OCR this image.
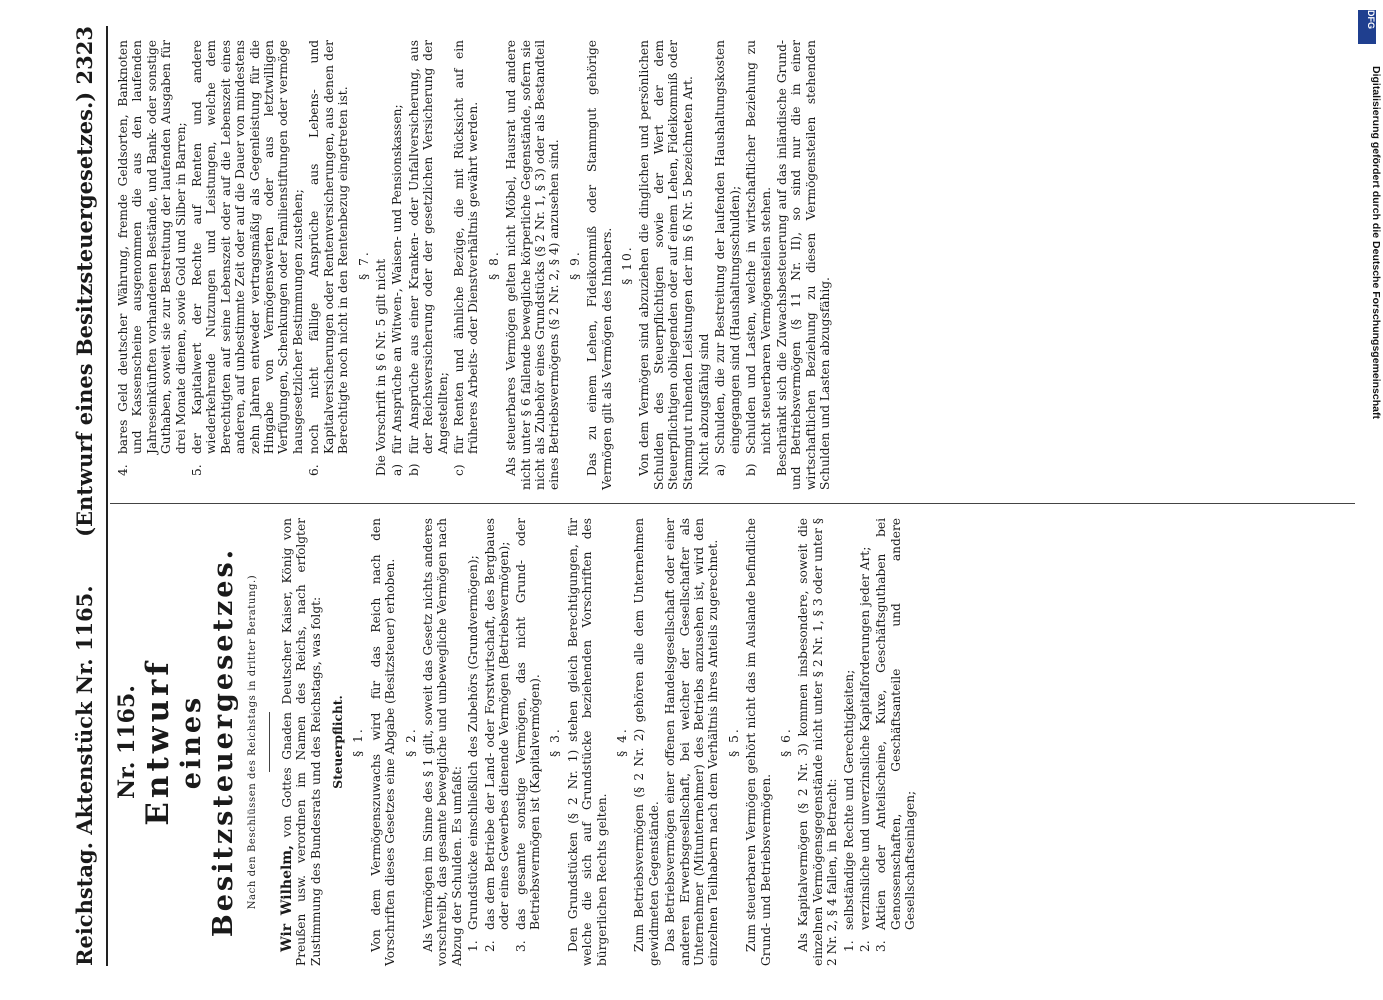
Reichstag. Aktenstück Nr. 1165.
(Entwurf eines Besitzsteuergesetzes.) 2323
Nr. 1165. Entwurf eines Besitzsteuergesetzes. Nach den Beschlüssen des Reichstags in dritter Beratung.) Wir Wilhelm, von Gottes Gnaden Deutscher Kaiser, König von Preußen usw. verordnen im Namen des Reichs, nach erfolgter Zustimmung des Bundesrats und des Reichstags, was folgt: Steuerpflicht. § 1. Von dem Vermögenszuwachs wird für das Reich nach den Vorschriften dieses Gesetzes eine Abgabe (Besitzsteuer) erhoben. § 2. Als Vermögen im Sinne des § 1 gilt, soweit das Gesetz nichts anderes vorschreibt, das gesamte bewegliche und unbewegliche Vermögen nach Abzug der Schulden. Es umfaßt: 1.
Grundstücke einschließlich des Zubehörs (Grundvermögen);
2.
das dem Betriebe der Land- oder Forstwirtschaft, des Bergbaues oder eines Gewerbes dienende Vermögen (Betriebsvermögen);
3.
das gesamte sonstige Vermögen, das nicht Grund- oder Betriebsvermögen ist (Kapitalvermögen). § 3. Den Grundstücken (§ 2 Nr. 1) stehen gleich Berechtigungen, für welche die sich auf Grundstücke beziehenden Vorschriften des bürgerlichen Rechts gelten.

§ 4. Zum Betriebsvermögen (§ 2 Nr. 2) gehören alle dem Unternehmen gewidmeten Gegenstände. Das Betriebsvermögen einer offenen Handelsgesellschaft oder einer anderen Erwerbsgesellschaft, bei welcher der Gesellschafter als Unternehmer (Mitunternehmer) des Betriebs anzusehen ist, wird den einzelnen Teilhabern nach dem Verhältnis ihres Anteils zugerechnet. § 5. Zum steuerbaren Vermögen gehört nicht das im Auslande befindliche Grund- und Betriebsvermögen.

§ 6. Als Kapitalvermögen (§ 2 Nr. 3) kommen insbesondere, soweit die einzelnen Vermögensgegenstände nicht unter § 2 Nr. 1, § 3 oder unter § 2 Nr. 2, § 4 fallen, in Betracht: 1.
selbständige Rechte und Gerechtigkeiten;
2.
verzinsliche und unverzinsliche Kapitalforderungen jeder Art;
3.
Aktien oder Anteilscheine, Kuxe, Geschäftsguthaben bei Genossenschaften, Geschäftsanteile und andere Gesellschaftseinlagen;
4.
bares Geld deutscher Währung, fremde Geldsorten, Banknoten und Kassenscheine ausgenommen die aus den laufenden Jahreseinkünften vorhandenen Bestände, und Bank- oder sonstige Guthaben, soweit sie zur Bestreitung der laufenden Ausgaben für drei Monate dienen, sowie Gold und Silber in Barren;
5.
der Kapitalwert der Rechte auf Renten und andere wiederkehrende Nutzungen und Leistungen, welche dem Berechtigten auf seine Lebenszeit oder auf die Lebenszeit eines anderen, auf unbestimmte Zeit oder auf die Dauer von mindestens zehn Jahren entweder vertragsmäßig als Gegenleistung für die Hingabe von Vermögenswerten oder aus letztwilligen Verfügungen, Schenkungen oder Familienstiftungen oder vermöge hausgesetzlicher Bestimmungen zustehen;
6.
noch nicht fällige Ansprüche aus Lebens- und Kapitalversicherungen oder Rentenversicherungen, aus denen der Berechtigte noch nicht in den Rentenbezug eingetreten ist. § 7. Die Vorschrift in § 6 Nr. 5 gilt nicht a)
für Ansprüche an Witwen-, Waisen- und Pensionskassen;
b)
für Ansprüche aus einer Kranken- oder Unfallversicherung, aus der Reichsversicherung oder der gesetzlichen Versicherung der Angestellten;
c)
für Renten und ähnliche Bezüge, die mit Rücksicht auf ein früheres Arbeits- oder Dienstverhältnis gewährt werden. § 8. Als steuerbares Vermögen gelten nicht Möbel, Hausrat und andere nicht unter § 6 fallende bewegliche körperliche Gegenstände, sofern sie nicht als Zubehör eines Grundstücks (§ 2 Nr. 1, § 3) oder als Bestandteil eines Betriebsvermögens (§ 2 Nr. 2, § 4) anzusehen sind. § 9. Das zu einem Lehen, Fideikommiß oder Stammgut gehörige Vermögen gilt als Vermögen des Inhabers. § 10. Von dem Vermögen sind abzuziehen die dinglichen und persönlichen Schulden des Steuerpflichtigen sowie der Wert der dem Steuerpflichtigen obliegenden oder auf einem Lehen, Fideikommiß oder Stammgut ruhenden Leistungen der im § 6 Nr. 5 bezeichneten Art. Nicht abzugsfähig sind a)
Schulden, die zur Bestreitung der laufenden Haushaltungskosten eingegangen sind (Haushaltungsschulden);
b)
Schulden und Lasten, welche in wirtschaftlicher Beziehung zu nicht steuerbaren Vermögensteilen stehen. Beschränkt sich die Zuwachsbesteuerung auf das inländische Grund- und Betriebsvermögen (§ 11 Nr. II), so sind nur die in einer wirtschaftlichen Beziehung zu diesen Vermögensteilen stehenden Schulden und Lasten abzugsfähig.

DFG
Digitalisierung gefördert durch die Deutsche Forschungsgemeinschaft
